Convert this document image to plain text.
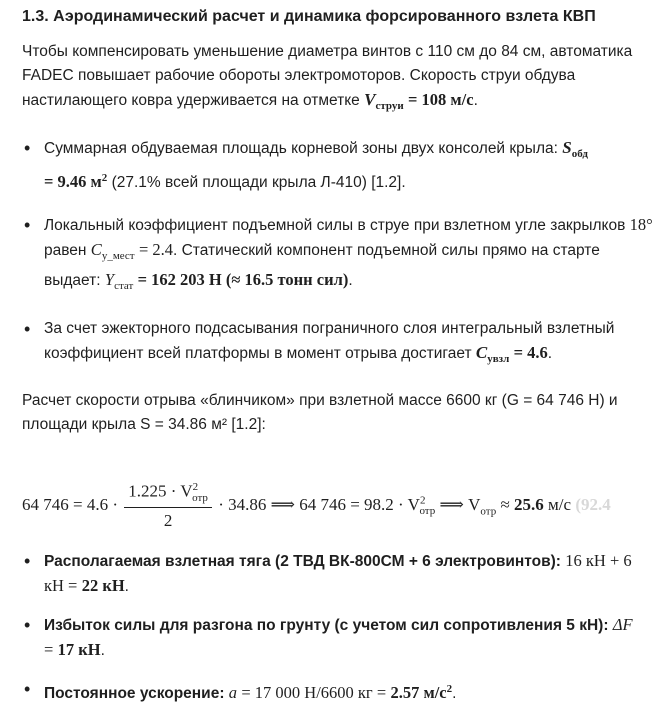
1.3. Аэродинамический расчет и динамика форсированного взлета КВП

Чтобы компенсировать уменьшение диаметра винтов с 110 см до 84 см, автоматика FADEC повышает рабочие обороты электромоторов. Скорость струи обдува настилающего ковра удерживается на отметке $V_{струи} = 108$ м/с.

• Суммарная обдуваемая площадь корневой зоны двух консолей крыла: $S_{обд}$
= 9.46 $м^2$ (27.1% всей площади крыла Л-410) [1.2].
• Локальный коэффициент подъемной силы в струе при взлетном угле закрылков 18° равен $C_{y\_мест} = 2.4$. Статический компонент подъемной силы прямо на старте выдает: $Y_{стат} = 162$ 203 Н (≈ 16.5 тонн сил).
• За счет эжекторного подсасывания пограничного слоя интегральный взлетный коэффициент всей платформы в момент отрыва достигает $C_{yвзл} = 4.6$.

Расчет скорости отрыва «блинчиком» при взлетной массе 6600 кг (G = 64 746 Н) и площади крыла S = 34.86 м² [1.2]:

64 $746 = 4.6 \cdot \frac{1.225 \cdot V^2_{отр}}{2} \cdot 34.86$ ⟹ 64 $746 = 98.2 \cdot V^2_{отр}$ ⟹ $V_{отр} \approx 25.6$ м/с (92.4
• Располагаемая взлетная тяга (2 ТВД ВК-800СМ + 6 электровинтов): 16 кН + 6 кН = 22 кН.
• Избыток силы для разгона по грунту (с учетом сил сопротивления 5 кН): ΔF
= 17 кН.
• Постоянное ускорение: a = 17 000 Н/6600 кг = 2.57 $м/с^2$.
